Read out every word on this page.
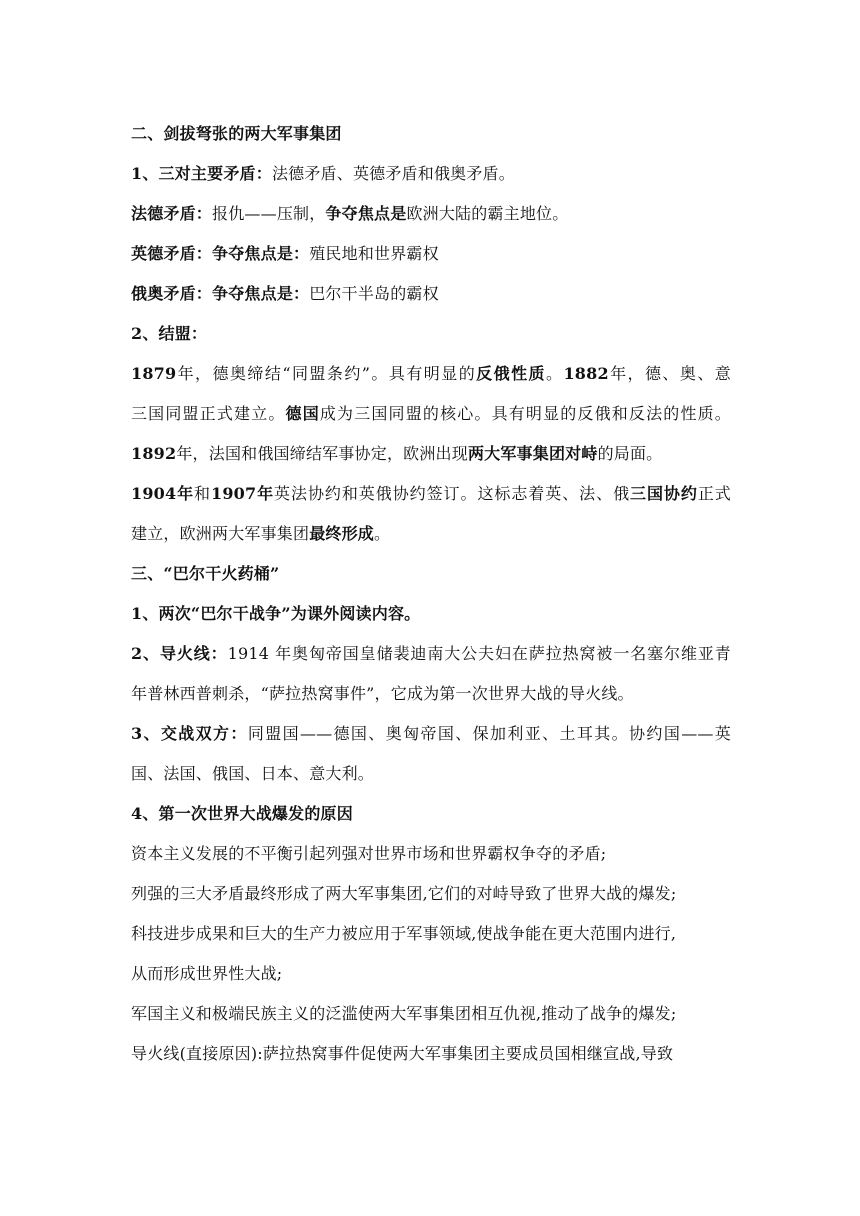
二、剑拔弩张的两大军事集团
1、三对主要矛盾：法德矛盾、英德矛盾和俄奥矛盾。
法德矛盾：报仇——压制，争夺焦点是欧洲大陆的霸主地位。
英德矛盾：争夺焦点是：殖民地和世界霸权
俄奥矛盾：争夺焦点是：巴尔干半岛的霸权
2、结盟：
1879年，德奥缔结“同盟条约”。具有明显的反俄性质。1882年，德、奥、意
三国同盟正式建立。德国成为三国同盟的核心。具有明显的反俄和反法的性质。
1892年，法国和俄国缔结军事协定，欧洲出现两大军事集团对峙的局面。
1904年和1907年英法协约和英俄协约签订。这标志着英、法、俄三国协约正式
建立，欧洲两大军事集团最终形成。
三、“巴尔干火药桶”
1、两次“巴尔干战争”为课外阅读内容。
2、导火线：1914 年奥匈帝国皇储裴迪南大公夫妇在萨拉热窝被一名塞尔维亚青
年普林西普刺杀，“萨拉热窝事件”，它成为第一次世界大战的导火线。
3、交战双方：同盟国——德国、奥匈帝国、保加利亚、土耳其。协约国——英
国、法国、俄国、日本、意大利。
4、第一次世界大战爆发的原因
资本主义发展的不平衡引起列强对世界市场和世界霸权争夺的矛盾;
列强的三大矛盾最终形成了两大军事集团,它们的对峙导致了世界大战的爆发;
科技进步成果和巨大的生产力被应用于军事领域,使战争能在更大范围内进行,
从而形成世界性大战;
军国主义和极端民族主义的泛滥使两大军事集团相互仇视,推动了战争的爆发;
导火线(直接原因):萨拉热窝事件促使两大军事集团主要成员国相继宣战,导致
